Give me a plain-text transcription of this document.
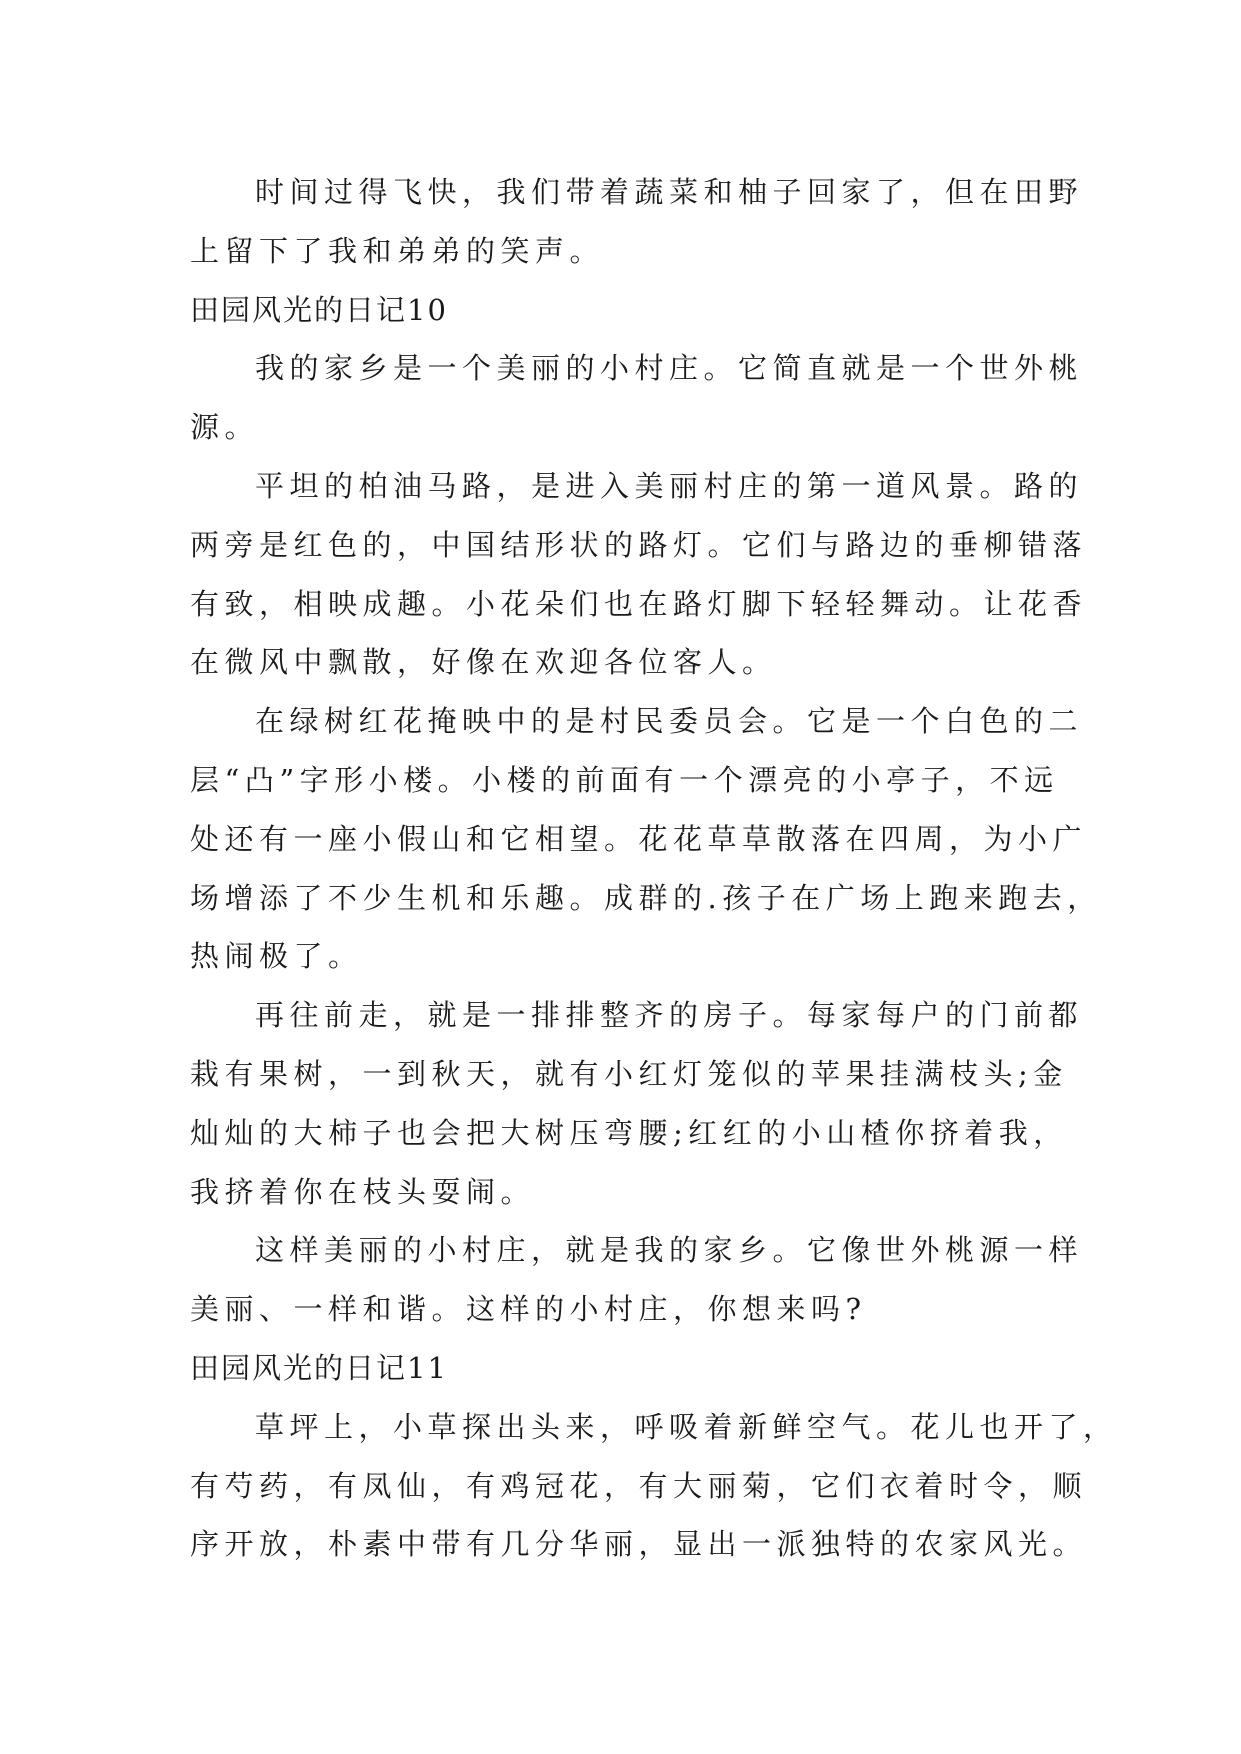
时间过得飞快，我们带着蔬菜和柚子回家了，但在田野
上留下了我和弟弟的笑声。
田园风光的日记10
我的家乡是一个美丽的小村庄。它简直就是一个世外桃
源。
平坦的柏油马路，是进入美丽村庄的第一道风景。路的
两旁是红色的，中国结形状的路灯。它们与路边的垂柳错落
有致，相映成趣。小花朵们也在路灯脚下轻轻舞动。让花香
在微风中飘散，好像在欢迎各位客人。
在绿树红花掩映中的是村民委员会。它是一个白色的二
层“凸”字形小楼。小楼的前面有一个漂亮的小亭子，不远
处还有一座小假山和它相望。花花草草散落在四周，为小广
场增添了不少生机和乐趣。成群的.孩子在广场上跑来跑去，
热闹极了。
再往前走，就是一排排整齐的房子。每家每户的门前都
栽有果树，一到秋天，就有小红灯笼似的苹果挂满枝头;金
灿灿的大柿子也会把大树压弯腰;红红的小山楂你挤着我，
我挤着你在枝头耍闹。
这样美丽的小村庄，就是我的家乡。它像世外桃源一样
美丽、一样和谐。这样的小村庄，你想来吗?
田园风光的日记11
草坪上，小草探出头来，呼吸着新鲜空气。花儿也开了，
有芍药，有凤仙，有鸡冠花，有大丽菊，它们衣着时令，顺
序开放，朴素中带有几分华丽，显出一派独特的农家风光。
